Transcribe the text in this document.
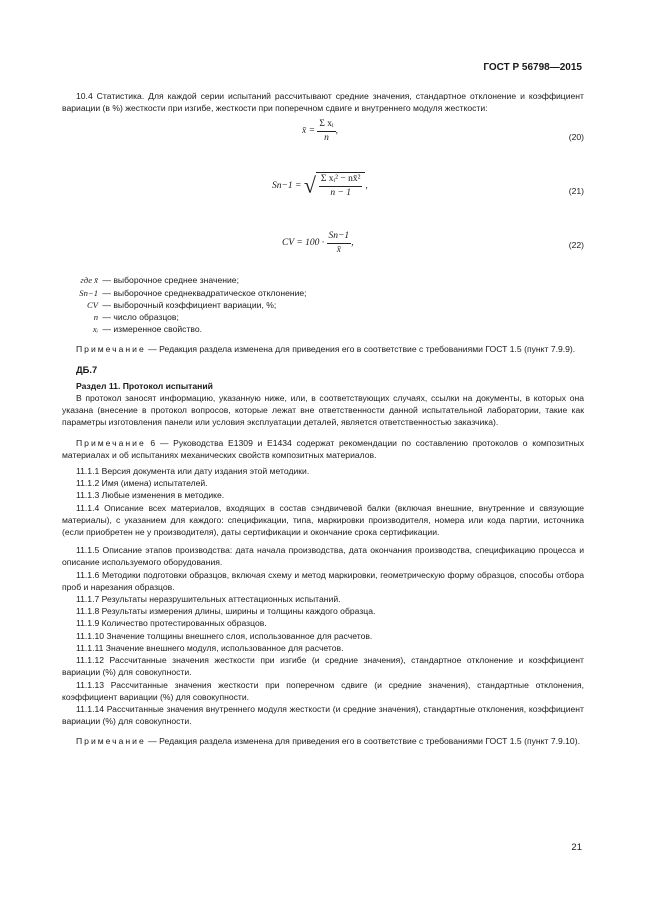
ГОСТ Р 56798—2015

10.4 Статистика. Для каждой серии испытаний рассчитывают средние значения, стандартное отклонение и коэффициент вариации (в %) жесткости при изгибе, жесткости при поперечном сдвиге и внутреннего модуля жесткости:

x̄ = $\frac{\text{Σ xᵢ}}{n}$ ,
(20)
Sn−1 = √ $\frac{\text{Σ xᵢ² − nx̄²}}{n - 1}$ ,
(21)
CV = $100 \cdot \frac{Sn-1}{x̄}$ ,	(22)
где x̄ — выборочное среднее значение;
Sn−1 — выборочное среднеквадратическое отклонение;
CV — выборочный коэффициент вариации, %;
n — число образцов;
xᵢ — измеренное свойство.

Примечание — Редакция раздела изменена для приведения его в соответствие с требованиями ГОСТ 1.5 (пункт 7.9.9).

ДБ.7
Раздел 11. Протокол испытаний

В протокол заносят информацию, указанную ниже, или, в соответствующих случаях, ссылки на документы, в которых она указана (внесение в протокол вопросов, которые лежат вне ответственности данной испытательной лаборатории, такие как параметры изготовления панели или условия эксплуатации деталей, является ответственностью заказчика).

Примечание 6 — Руководства Е1309 и Е1434 содержат рекомендации по составлению протоколов о композитных материалах и об испытаниях механических свойств композитных материалов.

11.1.1 Версия документа или дату издания этой методики.

11.1.2 Имя (имена) испытателей.

11.1.3 Любые изменения в методике.

11.1.4 Описание всех материалов, входящих в состав сэндвичевой балки (включая внешние, внутренние и связующие материалы), с указанием для каждого: спецификации, типа, маркировки производителя, номера или кода партии, источника (если приобретен не у производителя), даты сертификации и окончание срока сертификации.

11.1.5 Описание этапов производства: дата начала производства, дата окончания производства, спецификацию процесса и описание используемого оборудования.

11.1.6 Методики подготовки образцов, включая схему и метод маркировки, геометрическую форму образцов, способы отбора проб и нарезания образцов.

11.1.7 Результаты неразрушительных аттестационных испытаний.

11.1.8 Результаты измерения длины, ширины и толщины каждого образца.

11.1.9 Количество протестированных образцов.

11.1.10 Значение толщины внешнего слоя, использованное для расчетов.

11.1.11 Значение внешнего модуля, использованное для расчетов.

11.1.12 Рассчитанные значения жесткости при изгибе (и средние значения), стандартное отклонение и коэффициент вариации (%) для совокупности.

11.1.13 Рассчитанные значения жесткости при поперечном сдвиге (и средние значения), стандартные отклонения, коэффициент вариации (%) для совокупности.

11.1.14 Рассчитанные значения внутреннего модуля жесткости (и средние значения), стандартные отклонения, коэффициент вариации (%) для совокупности.

Примечание — Редакция раздела изменена для приведения его в соответствие с требованиями ГОСТ 1.5 (пункт 7.9.10).

21
